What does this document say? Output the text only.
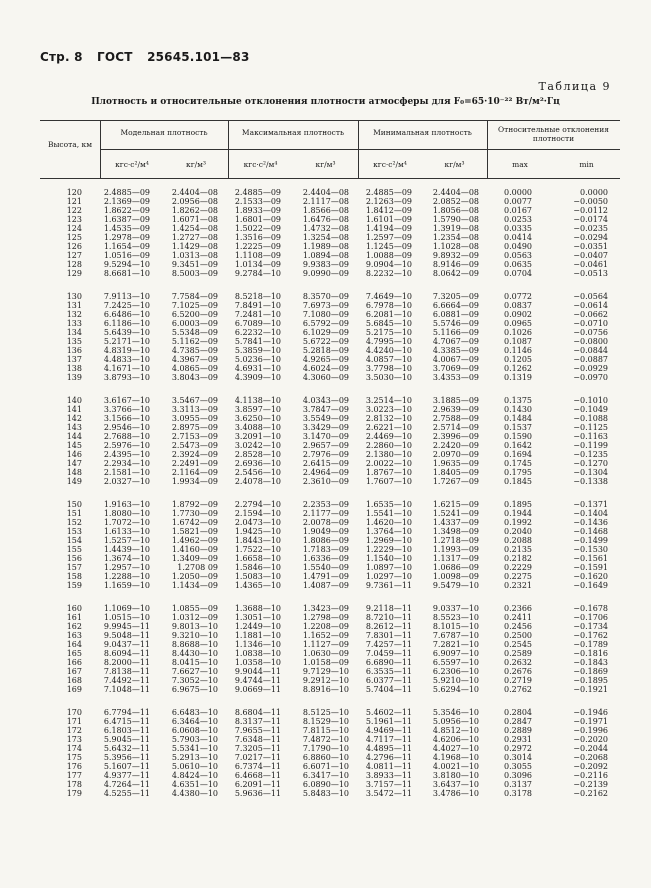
Стр. 8 ГОСТ 25645.101—83
Таблица 9
Плотность и относительные отклонения плотности атмосферы для F₀=65·10⁻²² Вт/м²·Гц
Высота, км
Модельная плотность	Максимальная плотность	Минимальная плотность	Относительные отклонения плотности
кгс·с²/м⁴	кг/м³	кгс·с²/м⁴	кг/м³	кгс·с²/м⁴	кг/м³	max	min
120	2.4885—09	2.4404—08	2.4885—09	2.4404—08	2.4885—09	2.4404—08	0.0000	0.0000
121	2.1369—09	2.0956—08	2.1533—09	2.1117—08	2.1263—09	2.0852—08	0.0077	−0.0050
122	1.8622—09	1.8262—08	1.8933—09	1.8566—08	1.8412—09	1.8056—08	0.0167	−0.0112
123	1.6387—09	1.6071—08	1.6801—09	1.6476—08	1.6101—09	1.5790—08	0.0253	−0.0174
124	1.4535—09	1.4254—08	1.5022—09	1.4732—08	1.4194—09	1.3919—08	0.0335	−0.0235
125	1.2978—09	1.2727—08	1.3516—09	1.3254—08	1.2597—09	1.2354—08	0.0414	−0.0294
126	1.1654—09	1.1429—08	1.2225—09	1.1989—08	1.1245—09	1.1028—08	0.0490	−0.0351
127	1.0516—09	1.0313—08	1.1108—09	1.0894—08	1.0088—09	9.8932—09	0.0563	−0.0407
128	9.5294—10	9.3451—09	1.0134—09	9.9383—09	9.0904—10	8.9146—09	0.0635	−0.0461
129	8.6681—10	8.5003—09	9.2784—10	9.0990—09	8.2232—10	8.0642—09	0.0704	−0.0513
130	7.9113—10	7.7584—09	8.5218—10	8.3570—09	7.4649—10	7.3205—09	0.0772	−0.0564
131	7.2425—10	7.1025—09	7.8491—10	7.6973—09	6.7978—10	6.6664—09	0.0837	−0.0614
132	6.6486—10	6.5200—09	7.2481—10	7.1080—09	6.2081—10	6.0881—09	0.0902	−0.0662
133	6.1186—10	6.0003—09	6.7089—10	6.5792—09	5.6845—10	5.5746—09	0.0965	−0.0710
134	5.6439—10	5.5348—09	6.2232—10	6.1029—09	5.2175—10	5.1166—09	0.1026	−0.0756
135	5.2171—10	5.1162—09	5.7841—10	5.6722—09	4.7995—10	4.7067—09	0.1087	−0.0800
136	4.8319—10	4.7385—09	5.3859—10	5.2818—09	4.4240—10	4.3385—09	0.1146	−0.0844
137	4.4833—10	4.3967—09	5.0236—10	4.9265—09	4.0857—10	4.0067—09	0.1205	−0.0887
138	4.1671—10	4.0865—09	4.6931—10	4.6024—09	3.7798—10	3.7069—09	0.1262	−0.0929
139	3.8793—10	3.8043—09	4.3909—10	4.3060—09	3.5030—10	3.4353—09	0.1319	−0.0970
140	3.6167—10	3.5467—09	4.1138—10	4.0343—09	3.2514—10	3.1885—09	0.1375	−0.1010
141	3.3766—10	3.3113—09	3.8597—10	3.7847—09	3.0223—10	2.9639—09	0.1430	−0.1049
142	3.1566—10	3.0955—09	3.6250—10	3.5549—09	2.8132—10	2.7588—09	0.1484	−0.1088
143	2.9546—10	2.8975—09	3.4088—10	3.3429—09	2.6221—10	2.5714—09	0.1537	−0.1125
144	2.7688—10	2.7153—09	3.2091—10	3.1470—09	2.4469—10	2.3996—09	0.1590	−0.1163
145	2.5976—10	2.5473—09	3.0242—10	2.9657—09	2.2860—10	2.2420—09	0.1642	−0.1199
146	2.4395—10	2.3924—09	2.8528—10	2.7976—09	2.1380—10	2.0970—09	0.1694	−0.1235
147	2.2934—10	2.2491—09	2.6936—10	2.6415—09	2.0022—10	1.9635—09	0.1745	−0.1270
148	2.1581—10	2.1164—09	2.5456—10	2.4964—09	1.8767—10	1.8405—09	0.1795	−0.1304
149	2.0327—10	1.9934—09	2.4078—10	2.3610—09	1.7607—10	1.7267—09	0.1845	−0.1338
150	1.9163—10	1.8792—09	2.2794—10	2.2353—09	1.6535—10	1.6215—09	0.1895	−0.1371
151	1.8080—10	1.7730—09	2.1594—10	2.1177—09	1.5541—10	1.5241—09	0.1944	−0.1404
152	1.7072—10	1.6742—09	2.0473—10	2.0078—09	1.4620—10	1.4337—09	0.1992	−0.1436
153	1.6133—10	1.5821—09	1.9425—10	1.9049—09	1.3764—10	1.3498—09	0.2040	−0.1468
154	1.5257—10	1.4962—09	1.8443—10	1.8086—09	1.2969—10	1.2718—09	0.2088	−0.1499
155	1.4439—10	1.4160—09	1.7522—10	1.7183—09	1.2229—10	1.1993—09	0.2135	−0.1530
156	1.3674—10	1.3409—09	1.6658—10	1.6336—09	1.1540—10	1.1317—09	0.2182	−0.1561
157	1.2957—10	1.2708 09	1.5846—10	1.5540—09	1.0897—10	1.0686—09	0.2229	−0.1591
158	1.2288—10	1.2050—09	1.5083—10	1.4791—09	1.0297—10	1.0098—09	0.2275	−0.1620
159	1.1659—10	1.1434—09	1.4365—10	1.4087—09	9.7361—11	9.5479—10	0.2321	−0.1649
160	1.1069—10	1.0855—09	1.3688—10	1.3423—09	9.2118—11	9.0337—10	0.2366	−0.1678
161	1.0515—10	1.0312—09	1.3051—10	1.2798—09	8.7210—11	8.5523—10	0.2411	−0.1706
162	9.9945—11	9.8013—10	1.2449—10	1.2208—09	8.2612—11	8.1015—10	0.2456	−0.1734
163	9.5048—11	9.3210—10	1.1881—10	1.1652—09	7.8301—11	7.6787—10	0.2500	−0.1762
164	9.0437—11	8.8688—10	1.1346—10	1.1127—09	7.4257—11	7.2821—10	0.2545	−0.1789
165	8.6094—11	8.4430—10	1.0838—10	1.0630—09	7.0459—11	6.9097—10	0.2589	−0.1816
166	8.2000—11	8.0415—10	1.0358—10	1.0158—09	6.6890—11	6.5597—10	0.2632	−0.1843
167	7.8138—11	7.6627—10	9.9044—11	9.7129—10	6.3535—11	6.2306—10	0.2676	−0.1869
168	7.4492—11	7.3052—10	9.4744—11	9.2912—10	6.0377—11	5.9210—10	0.2719	−0.1895
169	7.1048—11	6.9675—10	9.0669—11	8.8916—10	5.7404—11	5.6294—10	0.2762	−0.1921
170	6.7794—11	6.6483—10	8.6804—11	8.5125—10	5.4602—11	5.3546—10	0.2804	−0.1946
171	6.4715—11	6.3464—10	8.3137—11	8.1529—10	5.1961—11	5.0956—10	0.2847	−0.1971
172	6.1803—11	6.0608—10	7.9655—11	7.8115—10	4.9469—11	4.8512—10	0.2889	−0.1996
173	5.9045—11	5.7903—10	7.6348—11	7.4872—10	4.7117—11	4.6206—10	0.2931	−0.2020
174	5.6432—11	5.5341—10	7.3205—11	7.1790—10	4.4895—11	4.4027—10	0.2972	−0.2044
175	5.3956—11	5.2913—10	7.0217—11	6.8860—10	4.2796—11	4.1968—10	0.3014	−0.2068
176	5.1607—11	5.0610—10	6.7374—11	6.6071—10	4.0811—11	4.0021—10	0.3055	−0.2092
177	4.9377—11	4.8424—10	6.4668—11	6.3417—10	3.8933—11	3.8180—10	0.3096	−0.2116
178	4.7264—11	4.6351—10	6.2091—11	6.0890—10	3.7157—11	3.6437—10	0.3137	−0.2139
179	4.5255—11	4.4380—10	5.9636—11	5.8483—10	3.5472—11	3.4786—10	0.3178	−0.2162
